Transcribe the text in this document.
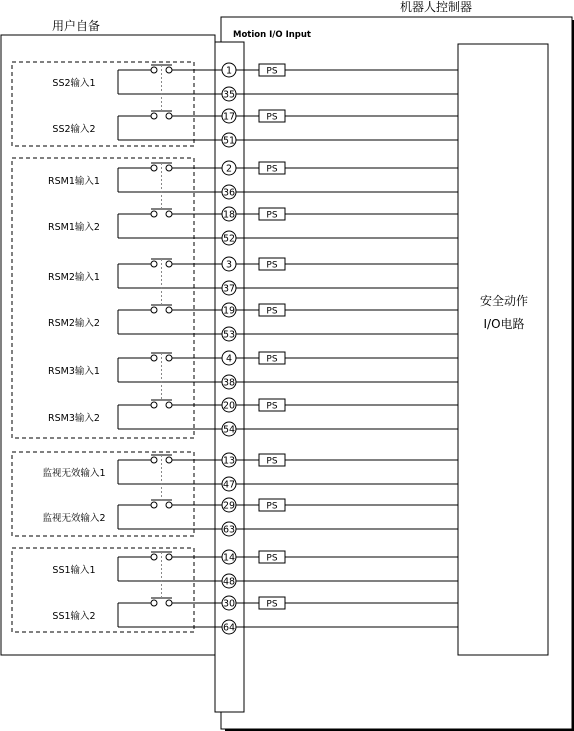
用户自备
机器人控制器
Motion I/O Input
安全动作
I/O电路
SS2输入1
1
35
PS
SS2输入2
17
51
PS
RSM1输入1
2
36
PS
RSM1输入2
18
52
PS
RSM2输入1
3
37
PS
RSM2输入2
19
53
PS
RSM3输入1
4
38
PS
RSM3输入2
20
54
PS
监视无效输入1
13
47
PS
监视无效输入2
29
63
PS
SS1输入1
14
48
PS
SS1输入2
30
64
PS
